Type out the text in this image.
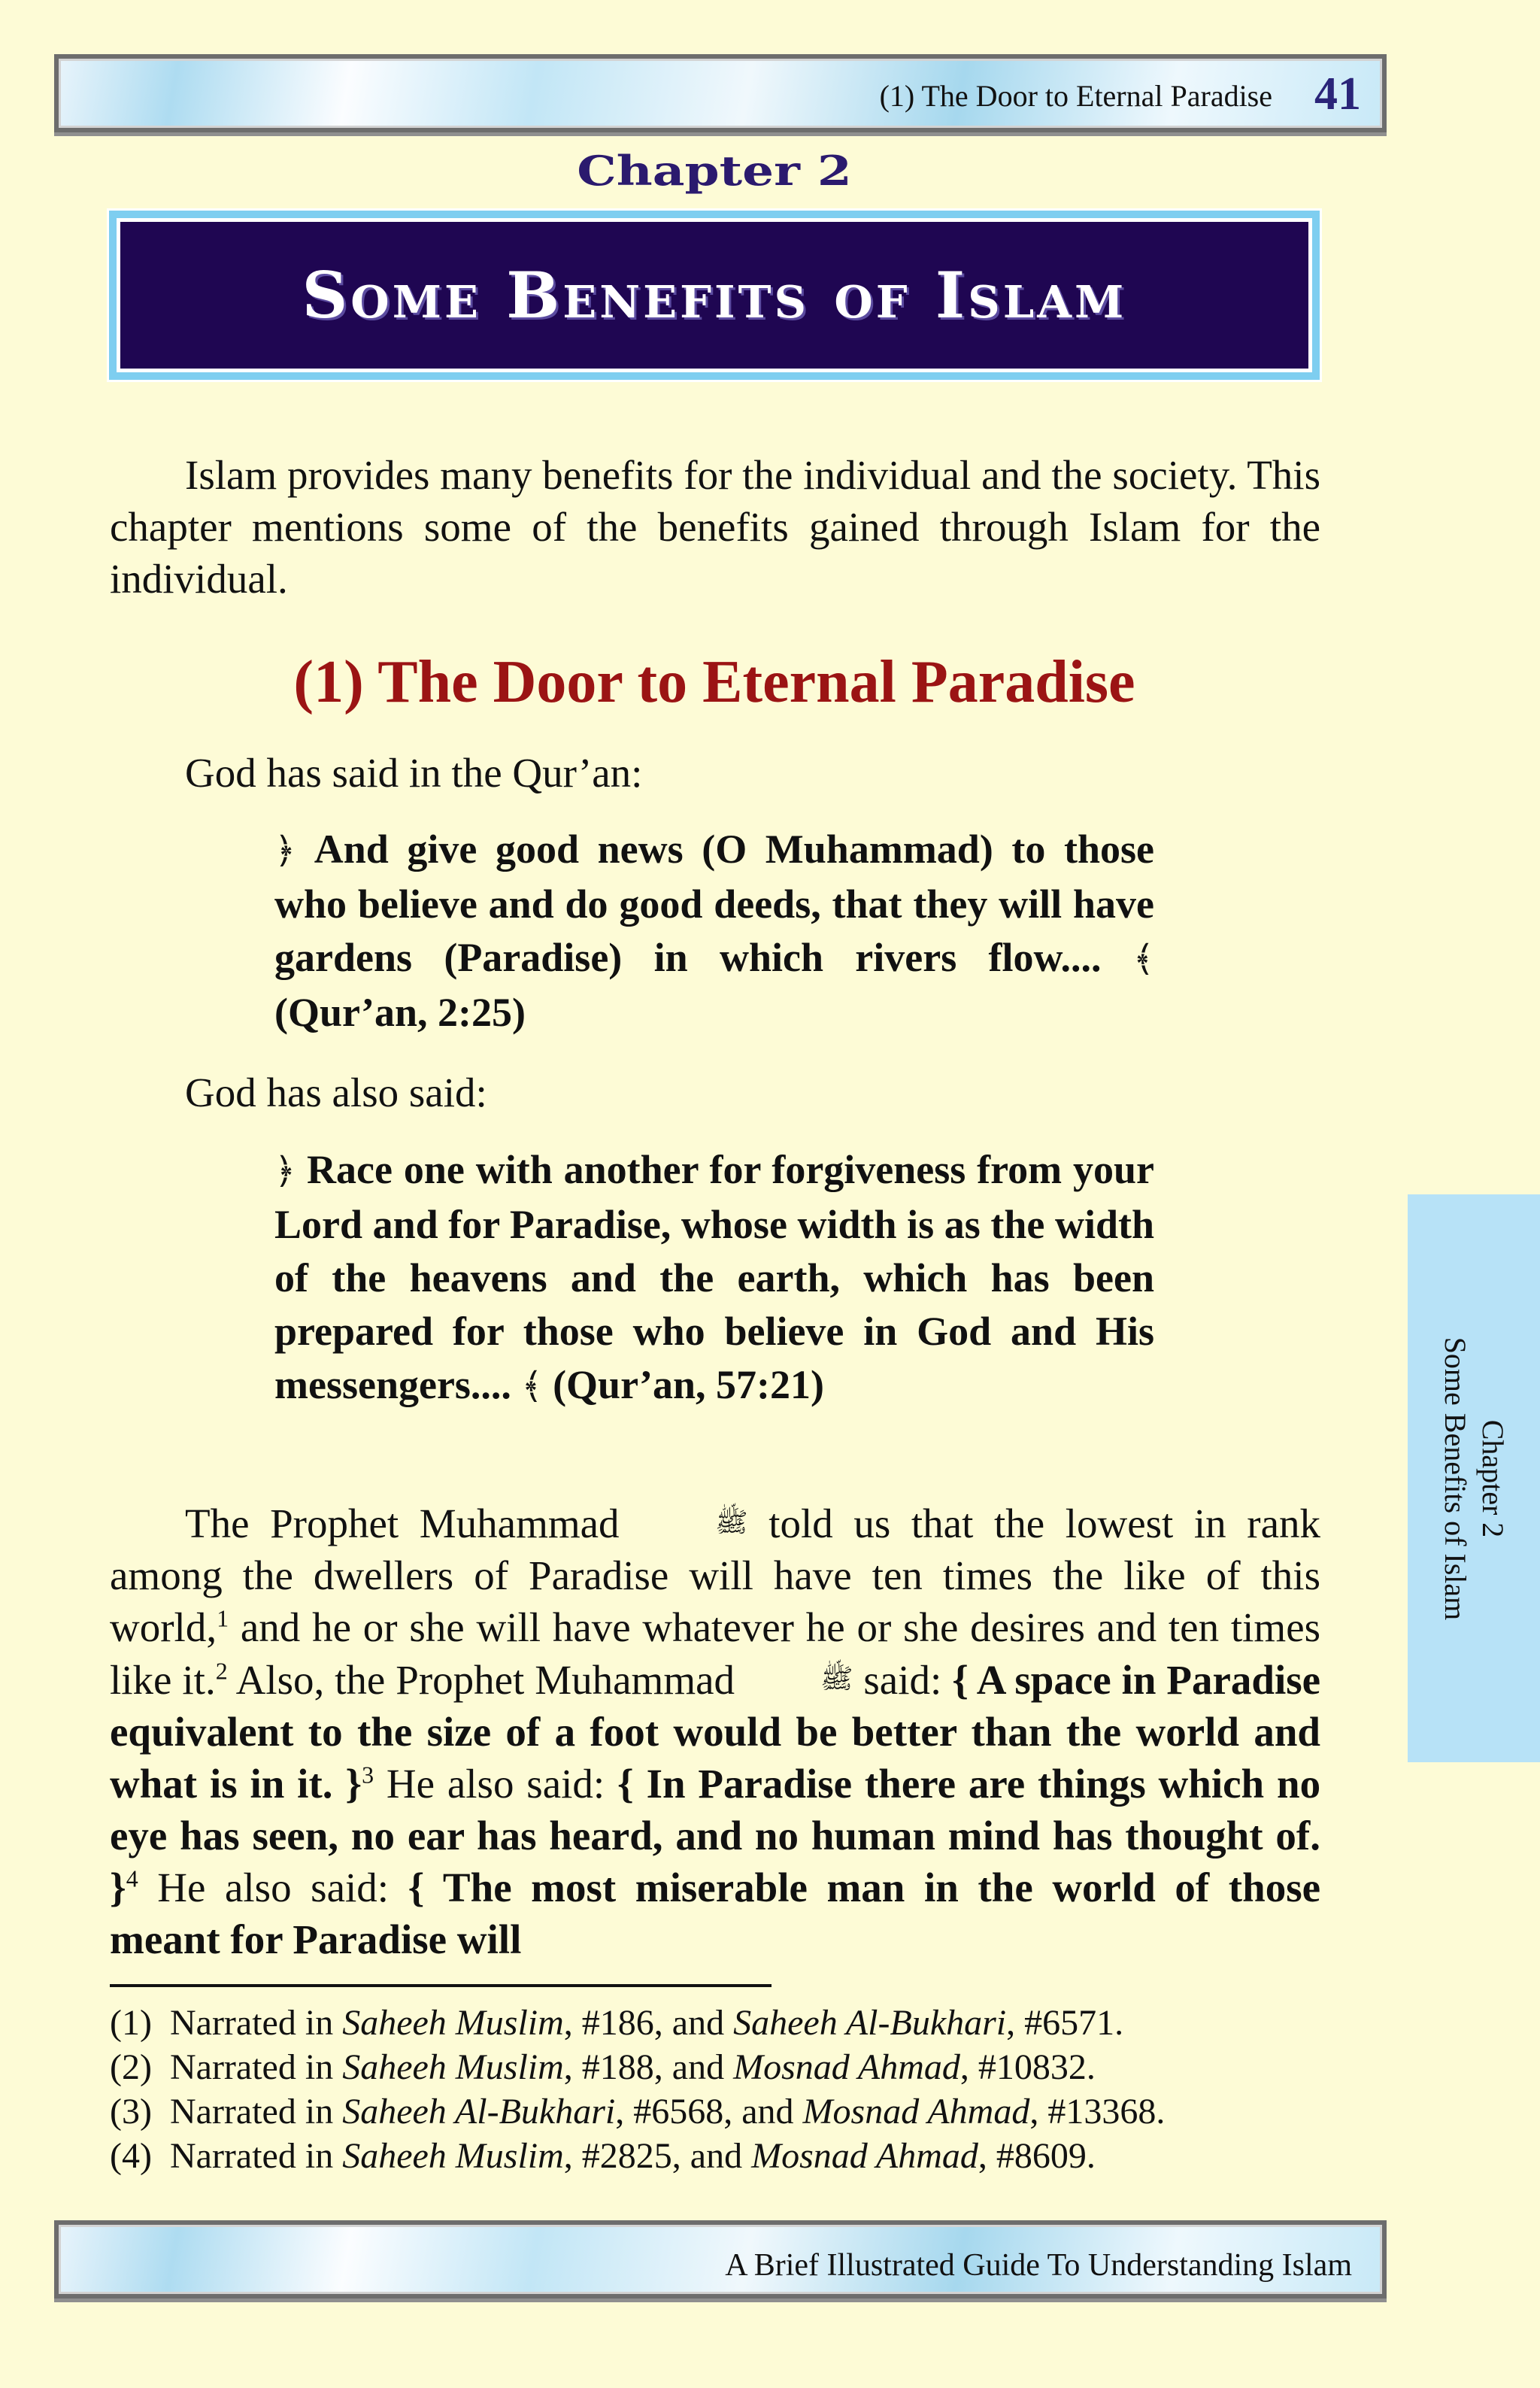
(1) The Door to Eternal Paradise 41
Chapter 2
Some Benefits of Islam

Islam provides many benefits for the individual and the society. This chapter mentions some of the benefits gained through Islam for the individual.

(1) The Door to Eternal Paradise

God has said in the Qur’an:

﴿ And give good news (O Muhammad) to those who believe and do good deeds, that they will have gardens (Paradise) in which rivers flow.... ﴾ (Qur’an, 2:25)

God has also said:

﴿ Race one with another for forgiveness from your Lord and for Paradise, whose width is as the width of the heavens and the earth, which has been prepared for those who believe in God and His messengers.... ﴾ (Qur’an, 57:21)

The Prophet Muhammad	ﷺ told us that the lowest in rank among the dwellers of Paradise will have ten times the like of this world,$^1$ and he or she will have whatever he or she desires and ten times like it.$^2$ Also, the Prophet Muhammad	ﷺ said: { A space in Paradise equivalent to the size of a foot would be better than the world and what is in it. }$^3$ He also said: { In Paradise there are things which no eye has seen, no ear has heard, and no human mind has thought of. }$^4$ He also said: { The most miserable man in the world of those meant for Paradise will

(1) Narrated in Saheeh Muslim, #186, and Saheeh Al-Bukhari, #6571.
(2) Narrated in Saheeh Muslim, #188, and Mosnad Ahmad, #10832.
(3) Narrated in Saheeh Al-Bukhari, #6568, and Mosnad Ahmad, #13368.
(4) Narrated in Saheeh Muslim, #2825, and Mosnad Ahmad, #8609.
Chapter 2
Some Benefits of Islam
A Brief Illustrated Guide To Understanding Islam
